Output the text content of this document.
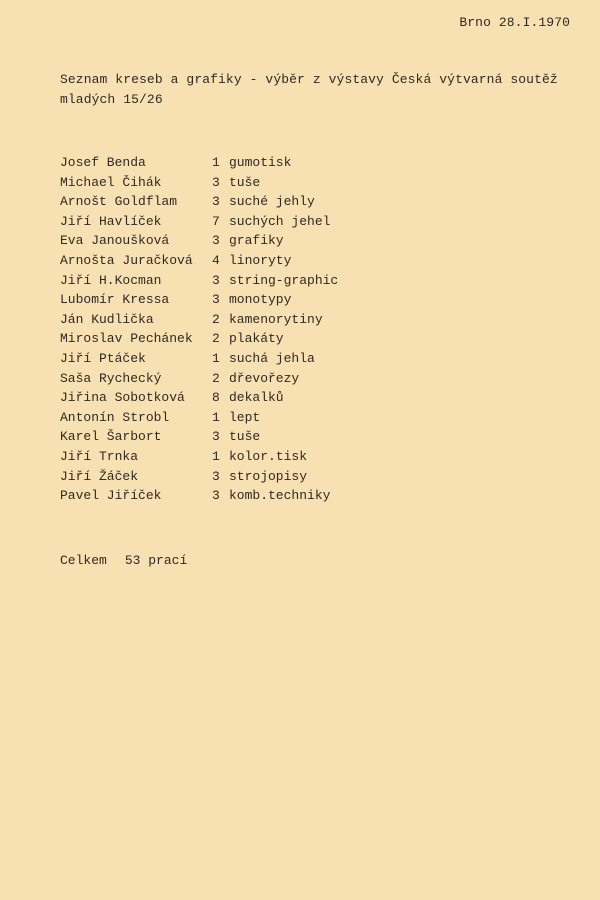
Brno 28.I.1970
Seznam kreseb a grafiky - výběr z výstavy Česká výtvarná soutěž
mladých 15/26
Josef Benda	1 gumotisk
Michael Čihák	3 tuše
Arnošt Goldflam	3 suché jehly
Jiří Havlíček	7 suchých jehel
Eva Janoušková	3 grafiky
Arnošta Juračková	4 linoryty
Jiří H.Kocman	3 string-graphic
Lubomír Kressa	3 monotypy
Ján Kudlička	2 kamenorytiny
Miroslav Pechánek	2 plakáty
Jiří Ptáček	1 suchá jehla
Saša Rychecký	2 dřevořezy
Jiřina Sobotková	8 dekalků
Antonín Strobl	1 lept
Karel Šarbort	3 tuše
Jiří Trnka	1 kolor.tisk
Jiří Žáček	3 strojopisy
Pavel Jiříček	3 komb.techniky
Celkem 53 prací
